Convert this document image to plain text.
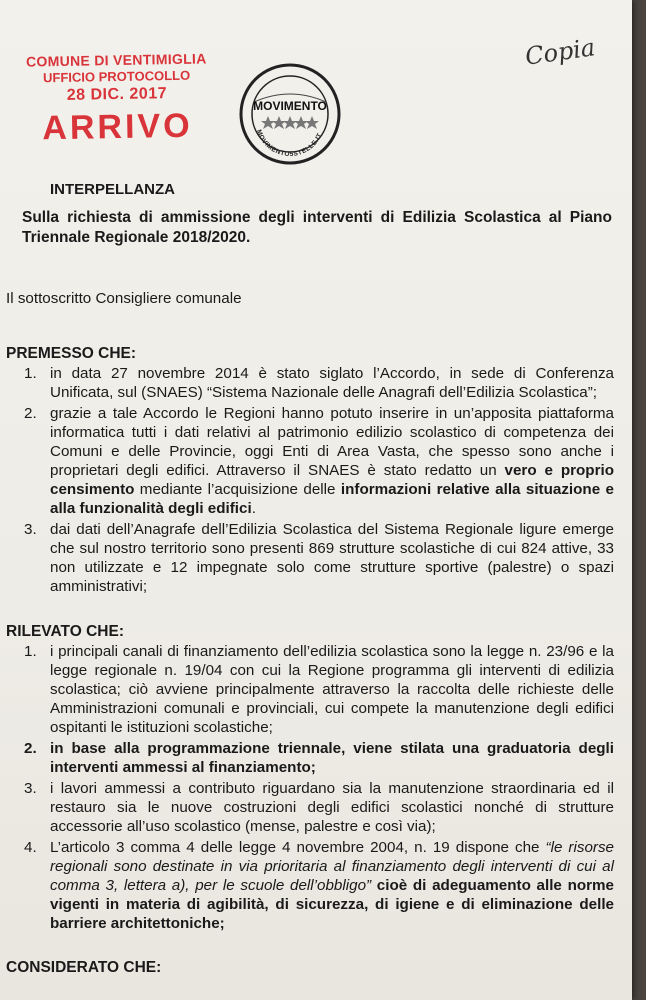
COMUNE DI VENTIMIGLIA
UFFICIO PROTOCOLLO
28 DIC. 2017
ARRIVO
MOVIMENTO
MOVIMENTO5STELLE.IT
Copia
INTERPELLANZA
Sulla richiesta di ammissione degli interventi di Edilizia Scolastica al Piano Triennale Regionale 2018/2020.
Il sottoscritto Consigliere comunale
PREMESSO CHE:
1. in data 27 novembre 2014 è stato siglato l’Accordo, in sede di Conferenza Unificata, sul (SNAES) “Sistema Nazionale delle Anagrafi dell’Edilizia Scolastica”;
2. grazie a tale Accordo le Regioni hanno potuto inserire in un’apposita piattaforma informatica tutti i dati relativi al patrimonio edilizio scolastico di competenza dei Comuni e delle Provincie, oggi Enti di Area Vasta, che spesso sono anche i proprietari degli edifici. Attraverso il SNAES è stato redatto un vero e proprio censimento mediante l’acquisizione delle informazioni relative alla situazione e alla funzionalità degli edifici.
3. dai dati dell’Anagrafe dell’Edilizia Scolastica del Sistema Regionale ligure emerge che sul nostro territorio sono presenti 869 strutture scolastiche di cui 824 attive, 33 non utilizzate e 12 impegnate solo come strutture sportive (palestre) o spazi amministrativi;
RILEVATO CHE:
1. i principali canali di finanziamento dell’edilizia scolastica sono la legge n. 23/96 e la legge regionale n. 19/04 con cui la Regione programma gli interventi di edilizia scolastica; ciò avviene principalmente attraverso la raccolta delle richieste delle Amministrazioni comunali e provinciali, cui compete la manutenzione degli edifici ospitanti le istituzioni scolastiche;
2. in base alla programmazione triennale, viene stilata una graduatoria degli interventi ammessi al finanziamento;
3. i lavori ammessi a contributo riguardano sia la manutenzione straordinaria ed il restauro sia le nuove costruzioni degli edifici scolastici nonché di strutture accessorie all’uso scolastico (mense, palestre e così via);
4. L’articolo 3 comma 4 delle legge 4 novembre 2004, n. 19 dispone che “le risorse regionali sono destinate in via prioritaria al finanziamento degli interventi di cui al comma 3, lettera a), per le scuole dell’obbligo” cioè di adeguamento alle norme vigenti in materia di agibilità, di sicurezza, di igiene e di eliminazione delle barriere architettoniche;
CONSIDERATO CHE:
